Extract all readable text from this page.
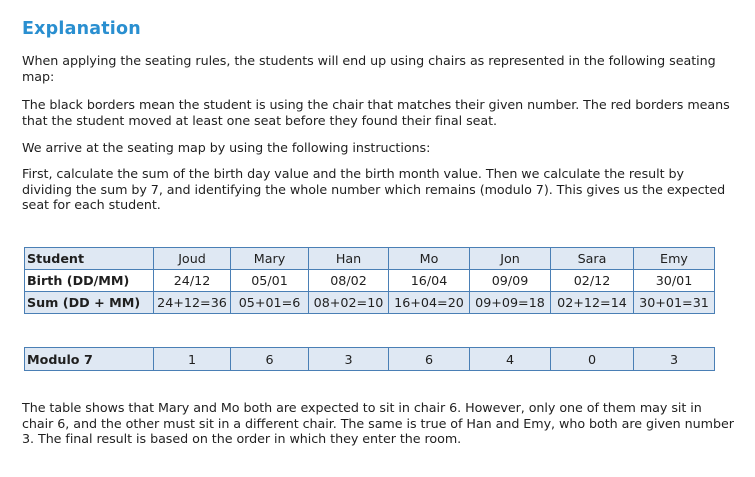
Explanation

When applying the seating rules, the students will end up using chairs as represented in the following seating map:

The black borders mean the student is using the chair that matches their given number. The red borders means that the student moved at least one seat before they found their final seat.

We arrive at the seating map by using the following instructions:

First, calculate the sum of the birth day value and the birth month value. Then we calculate the result by dividing the sum by 7, and identifying the whole number which remains (modulo 7). This gives us the expected seat for each student.

Student	Joud	Mary	Han	Mo	Jon	Sara	Emy
Birth (DD/MM)	24/12	05/01	08/02	16/04	09/09	02/12	30/01
Sum (DD + MM)	24+12=36	05+01=6	08+02=10	16+04=20	09+09=18	02+12=14	30+01=31
Modulo 7	1	6	3	6	4	0	3

The table shows that Mary and Mo both are expected to sit in chair 6. However, only one of them may sit in chair 6, and the other must sit in a different chair. The same is true of Han and Emy, who both are given number 3. The final result is based on the order in which they enter the room.
